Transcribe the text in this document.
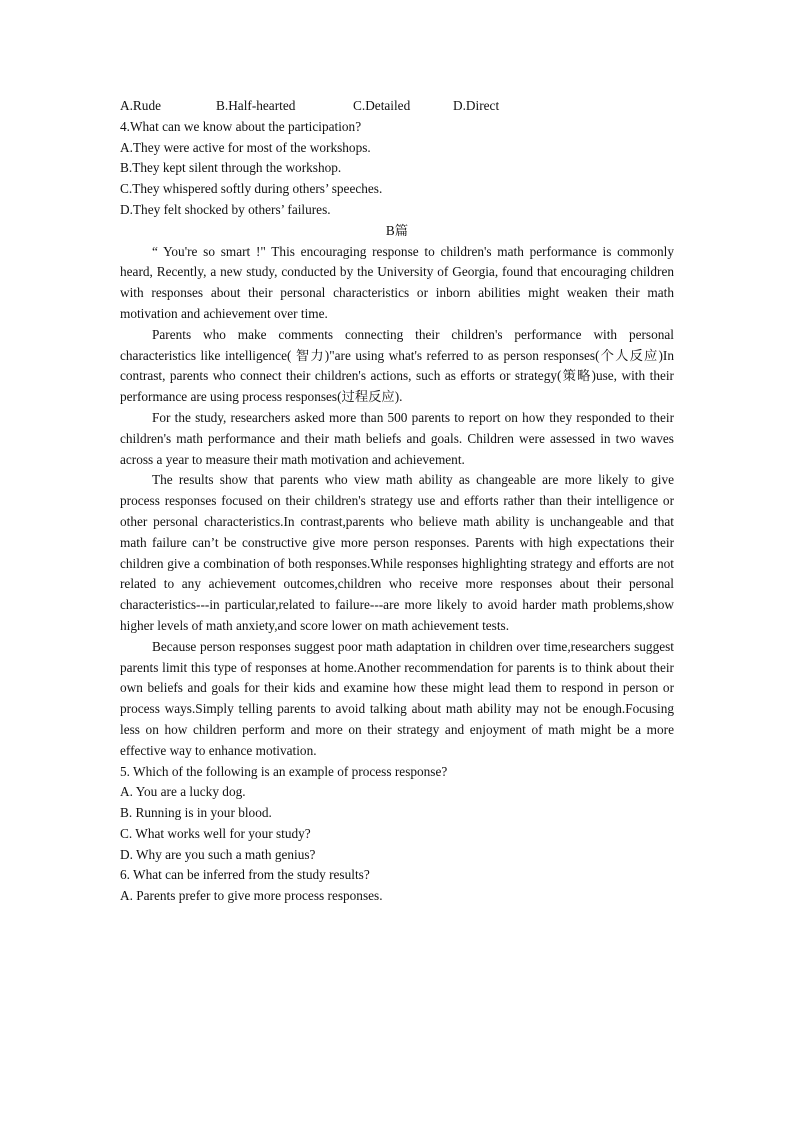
A.Rude	B.Half-hearted	C.Detailed	D.Direct
4.What can we know about the participation?
A.They were active for most of the workshops.
B.They kept silent through the workshop.
C.They whispered softly during others’ speeches.
D.They felt shocked by others’ failures.
B篇
“ You're so smart !" This encouraging response to children's math performance is commonly heard, Recently, a new study, conducted by the University of Georgia, found that encouraging children with responses about their personal characteristics or inborn abilities might weaken their math motivation and achievement over time.
Parents who make comments connecting their children's performance with personal characteristics like intelligence( 智力)"are using what's referred to as person responses(个人反应)In contrast, parents who connect their children's actions, such as efforts or strategy(策略)use, with their performance are using process responses(过程反应).
For the study, researchers asked more than 500 parents to report on how they responded to their children's math performance and their math beliefs and goals. Children were assessed in two waves across a year to measure their math motivation and achievement.
The results show that parents who view math ability as changeable are more likely to give process responses focused on their children's strategy use and efforts rather than their intelligence or other personal characteristics.In contrast,parents who believe math ability is unchangeable and that math failure can’t be constructive give more person responses. Parents with high expectations their children give a combination of both responses.While responses highlighting strategy and efforts are not related to any achievement outcomes,children who receive more responses about their personal characteristics---in particular,related to failure---are more likely to avoid harder math problems,show higher levels of math anxiety,and score lower on math achievement tests.
Because person responses suggest poor math adaptation in children over time,researchers suggest parents limit this type of responses at home.Another recommendation for parents is to think about their own beliefs and goals for their kids and examine how these might lead them to respond in person or process ways.Simply telling parents to avoid talking about math ability may not be enough.Focusing less on how children perform and more on their strategy and enjoyment of math might be a more effective way to enhance motivation.
5. Which of the following is an example of process response?
A. You are a lucky dog.
B. Running is in your blood.
C. What works well for your study?
D. Why are you such a math genius?
6. What can be inferred from the study results?
A. Parents prefer to give more process responses.
